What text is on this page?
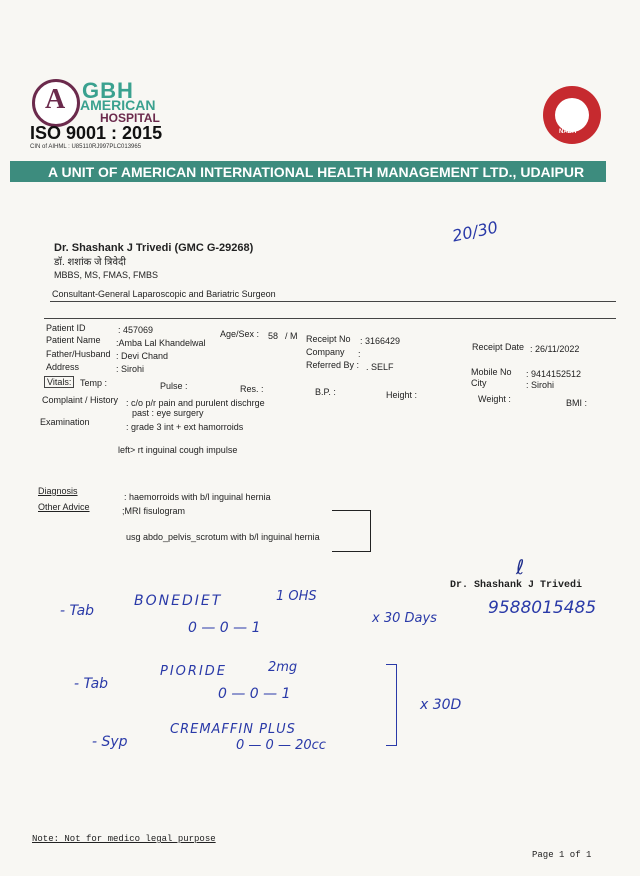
A GBH
AMERICAN
HOSPITAL
ISO 9001 : 2015
CIN of AIHML : U85110RJ997PLC013965
NABH
A UNIT OF AMERICAN INTERNATIONAL HEALTH MANAGEMENT LTD., UDAIPUR
20/30
Dr. Shashank J Trivedi (GMC G-29268)
डॉ. शशांक जे त्रिवेदी
MBBS, MS, FMAS, FMBS
Consultant-General Laparoscopic and Bariatric Surgeon
Patient ID	: 457069
Patient Name :Amba Lal Khandelwal
Father/Husband : Devi Chand
Address	: Sirohi
Age/Sex : 58 / M Receipt No : 3166429
Company :
Referred By : . SELF
Receipt Date : 26/11/2022
Mobile No : 9414152512
City	: Sirohi
Vitals: Temp :	Pulse :	Res. :	B.P. :	Height :	Weight :	BMI :
Complaint / History : c/o p/r pain and purulent dischrge
past : eye surgery
Examination	: grade 3 int + ext hamorroids
left> rt inguinal cough impulse
Diagnosis
: haemorroids with b/l inguinal hernia
Other Advice	;MRI fisulogram
usg abdo_pelvis_scrotum with b/l inguinal hernia
ℓ
Dr. Shashank J Trivedi
9588015485
- Tab
BONEDIET	1 OHS
0 — 0 — 1
x 30 Days
- Tab
PIORIDE	2mg
0 — 0 — 1
- Syp
CREMAFFIN PLUS
0 — 0 — 20cc
x 30D
Note: Not for medico legal purpose
Page 1 of 1
